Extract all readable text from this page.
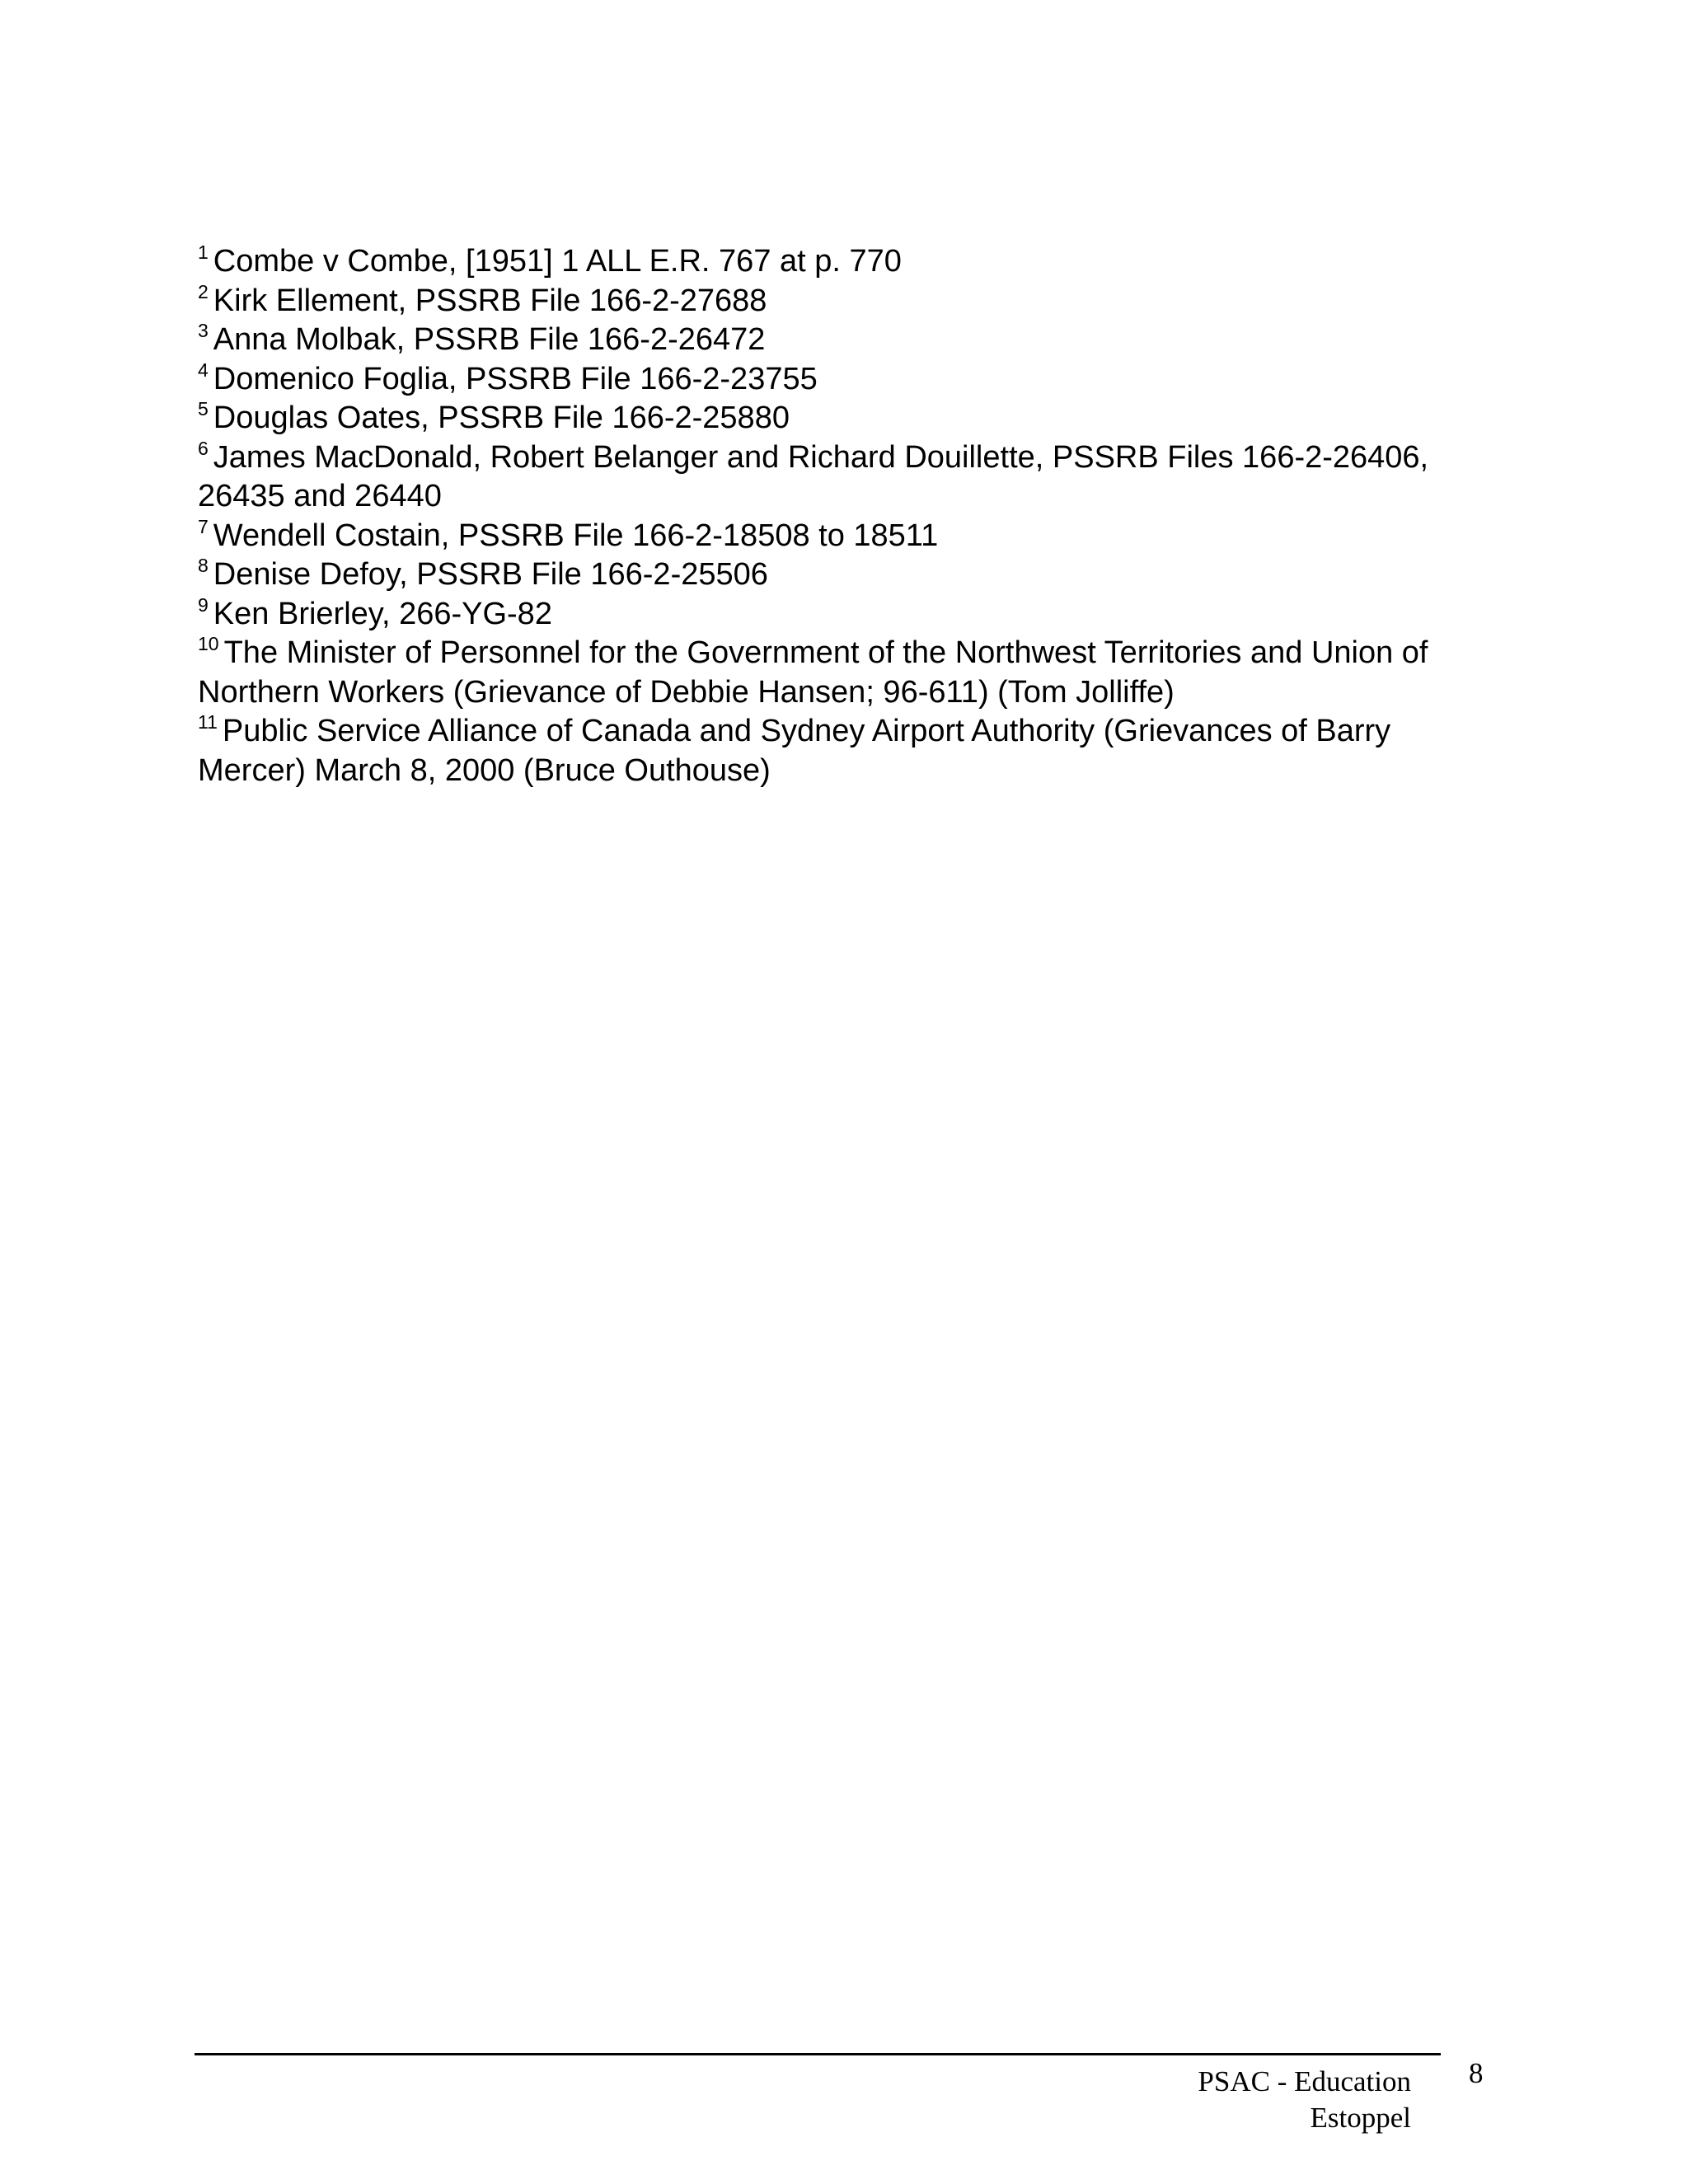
$^1$ Combe v Combe, [1951] 1 ALL E.R. 767 at p. 770
$^2$ Kirk Ellement, PSSRB File 166-2-27688
$^3$ Anna Molbak, PSSRB File 166-2-26472
$^4$ Domenico Foglia, PSSRB File 166-2-23755
$^5$ Douglas Oates, PSSRB File 166-2-25880
$^6$ James MacDonald, Robert Belanger and Richard Douillette, PSSRB Files 166-2-26406, 26435 and 26440
$^7$ Wendell Costain, PSSRB File 166-2-18508 to 18511
$^8$ Denise Defoy, PSSRB File 166-2-25506
$^9$ Ken Brierley, 266-YG-82
$^{10}$ The Minister of Personnel for the Government of the Northwest Territories and Union of Northern Workers (Grievance of Debbie Hansen; 96-611) (Tom Jolliffe)
$^{11}$ Public Service Alliance of Canada and Sydney Airport Authority (Grievances of Barry Mercer) March 8, 2000 (Bruce Outhouse)
PSAC - Education
Estoppel
8
